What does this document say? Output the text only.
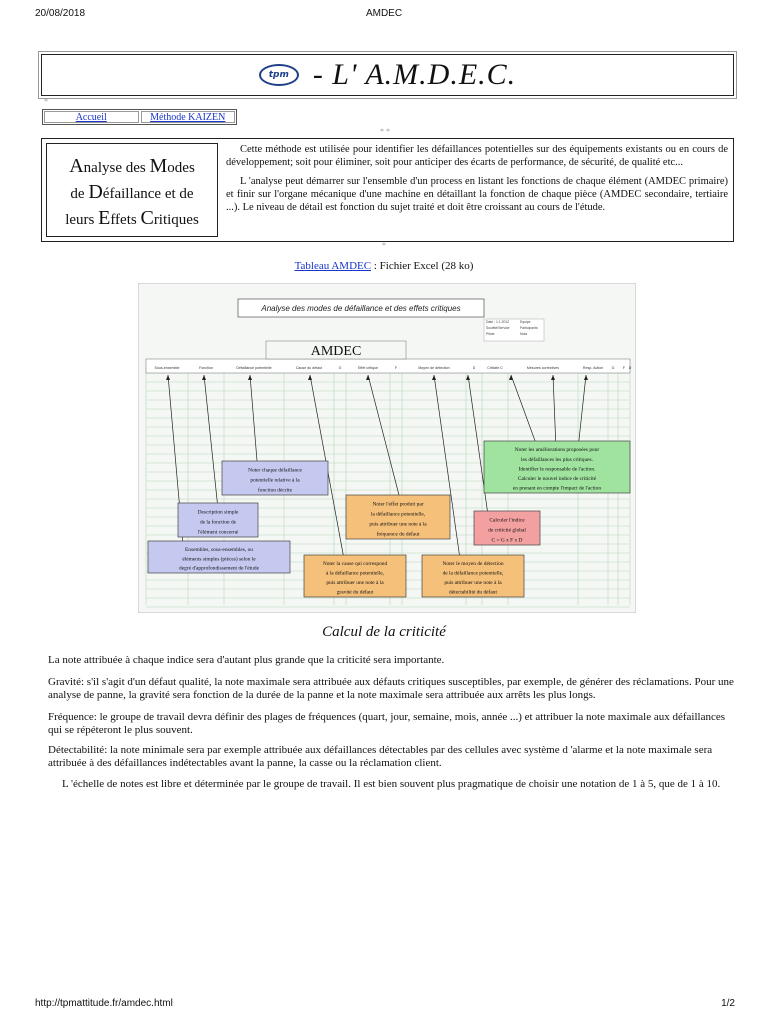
20/08/2018	AMDEC
tpm - L' A.M.D.E.C.
*
Accueil	Méthode KAIZEN
* *
Analyse des Modes
de Défaillance et de
leurs Effets Critiques

Cette méthode est utilisée pour identifier les défaillances potentielles sur des équipements existants ou en cours de développement; soit pour éliminer, soit pour anticiper des écarts de performance, de sécurité, de qualité etc...

L 'analyse peut démarrer sur l'ensemble d'un process en listant les fonctions de chaque élément (AMDEC primaire) et finir sur l'organe mécanique d'une machine en détaillant la fonction de chaque pièce (AMDEC secondaire, tertiaire ...). Le niveau de détail est fonction du sujet traité et doit être croissant au cours de l'étude.

*
Tableau AMDEC : Fichier Excel (28 ko)
Sous-ensemble	Fonction	Défaillance potentielle	Cause du défaut	G	Effet critique	F	Moyen de détection	D	Criticité C	Mesures correctives	Resp. Action G F D
Analyse des modes de défaillance et des effets critiques
AMDEC
Date : 1.1.2012
Société/Service
Pilote
Equipe
Participants
Nota
Ensembles, sous-ensembles, ou
éléments simples (pièces) selon le
degré d'approfondissement de l'étude
Description simple
de la fonction de
l'élément concerné
Noter chaque défaillance
potentielle relative à la
fonction décrite
Noter la cause qui correspond
à la défaillance potentielle,
puis attribuer une note à la
gravité du défaut
Noter l'effet produit par
la défaillance potentielle,
puis attribuer une note à la
fréquence du défaut
Noter le moyen de détection
de la défaillance potentielle,
puis attribuer une note à la
détectabilité du défaut
Calculer l'indice
de criticité global
C = G x F x D
Noter les améliorations proposées pour
les défaillances les plus critiques.
Identifier le responsable de l'action.
Calculer le nouvel indice de criticité
en prenant en compte l'impact de l'action
Calcul de la criticité
La note attribuée à chaque indice sera d'autant plus grande que la criticité sera importante.
Gravité: s'il s'agit d'un défaut qualité, la note maximale sera attribuée aux défauts critiques susceptibles, par exemple, de générer des réclamations. Pour une analyse de panne, la gravité sera fonction de la durée de la panne et la note maximale sera attribuée aux arrêts les plus longs.
Fréquence: le groupe de travail devra définir des plages de fréquences (quart, jour, semaine, mois, année ...) et attribuer la note maximale aux défaillances qui se répéteront le plus souvent.
Détectabilité: la note minimale sera par exemple attribuée aux défaillances détectables par des cellules avec système d 'alarme et la note maximale sera attribuée à des défaillances indétectables avant la panne, la casse ou la réclamation client.
L 'échelle de notes est libre et déterminée par le groupe de travail. Il est bien souvent plus pragmatique de choisir une notation de 1 à 5, que de 1 à 10.
http://tpmattitude.fr/amdec.html	1/2
